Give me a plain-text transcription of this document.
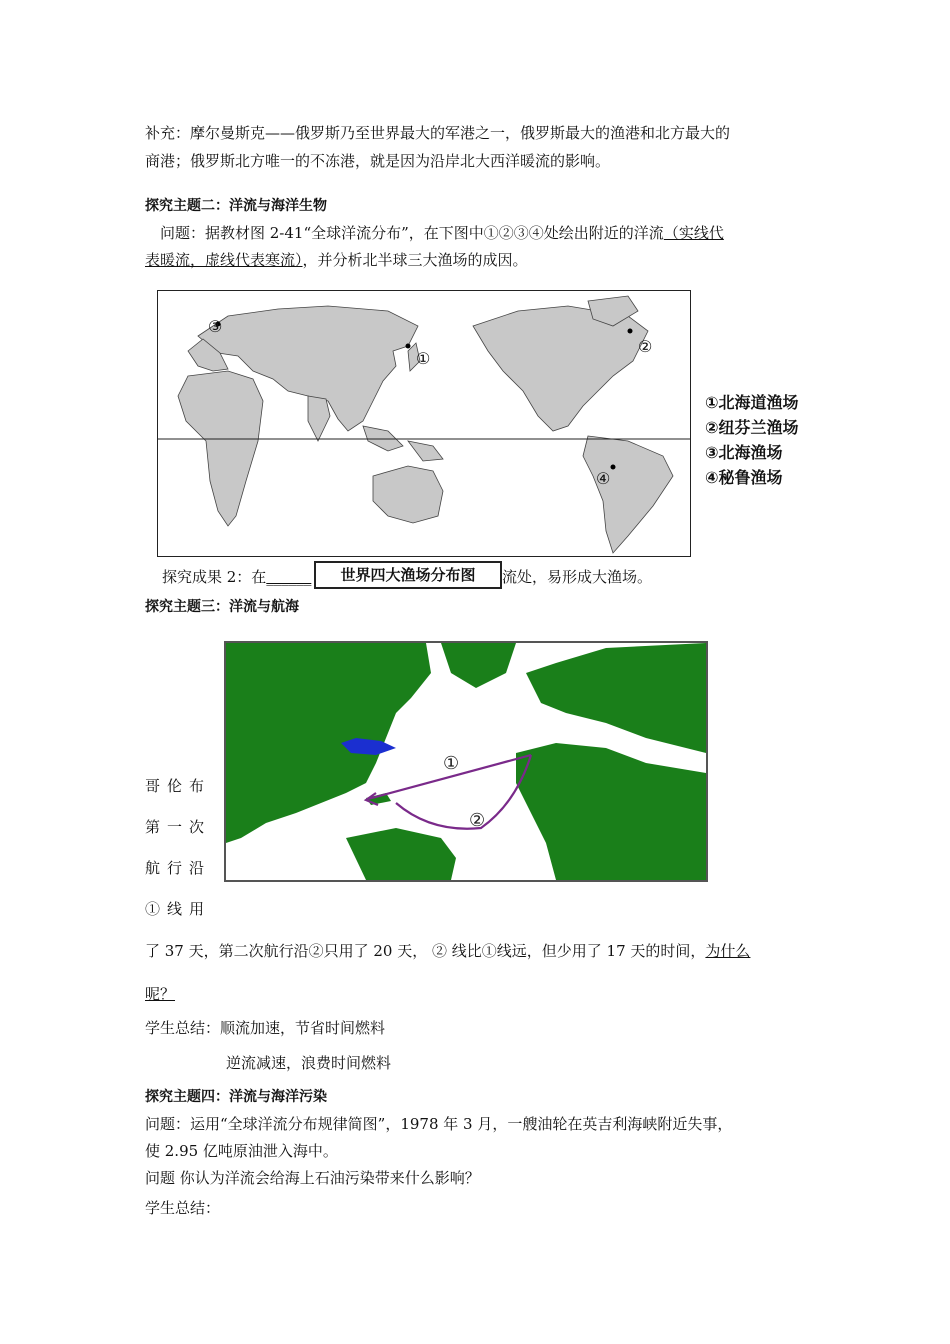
补充：摩尔曼斯克——俄罗斯乃至世界最大的军港之一，俄罗斯最大的渔港和北方最大的
商港；俄罗斯北方唯一的不冻港，就是因为沿岸北大西洋暖流的影响。
探究主题二：洋流与海洋生物
问题：据教材图 2-41“全球洋流分布”，在下图中①②③④处绘出附近的洋流（实线代
表暖流，虚线代表寒流），并分析北半球三大渔场的成因。
①
②
③
④
①北海道渔场
②纽芬兰渔场
③北海渔场
④秘鲁渔场
探究成果 2：在______	流处，易形成大渔场。
世界四大渔场分布图
探究主题三：洋流与航海
①
②
哥伦布
第一次
航行沿
①线用
了 37 天，第二次航行沿②只用了 20 天， ② 线比①线远，但少用了 17 天的时间，为什么
呢？
学生总结：顺流加速，节省时间燃料
逆流减速，浪费时间燃料
探究主题四：洋流与海洋污染
问题：运用“全球洋流分布规律简图”，1978 年 3 月，一艘油轮在英吉利海峡附近失事，
使 2.95 亿吨原油泄入海中。
问题 你认为洋流会给海上石油污染带来什么影响？
学生总结：
